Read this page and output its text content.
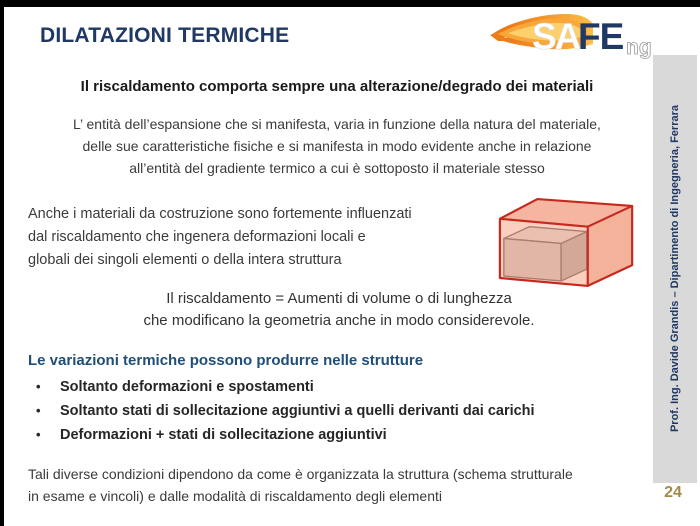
DILATAZIONI TERMICHE	SA
FE ng
Il riscaldamento comporta sempre una alterazione/degrado dei materiali
L’ entità dell’espansione che si manifesta, varia in funzione della natura del materiale,
delle sue caratteristiche fisiche e si manifesta in modo evidente anche in relazione
all’entità del gradiente termico a cui è sottoposto il materiale stesso
Anche i materiali da costruzione sono fortemente influenzati
dal riscaldamento che ingenera deformazioni locali e
globali dei singoli elementi o della intera struttura
Il riscaldamento = Aumenti di volume o di lunghezza
che modificano la geometria anche in modo considerevole.
Le variazioni termiche possono produrre nelle strutture
•	Soltanto deformazioni e spostamenti
•	Soltanto stati di sollecitazione aggiuntivi a quelli derivanti dai carichi
•	Deformazioni + stati di sollecitazione aggiuntivi
Tali diverse condizioni dipendono da come è organizzata la struttura (schema strutturale
in esame e vincoli) e dalle modalità di riscaldamento degli elementi
Prof. Ing. Davide Grandis – Dipartimento di Ingegneria, Ferrara
24
